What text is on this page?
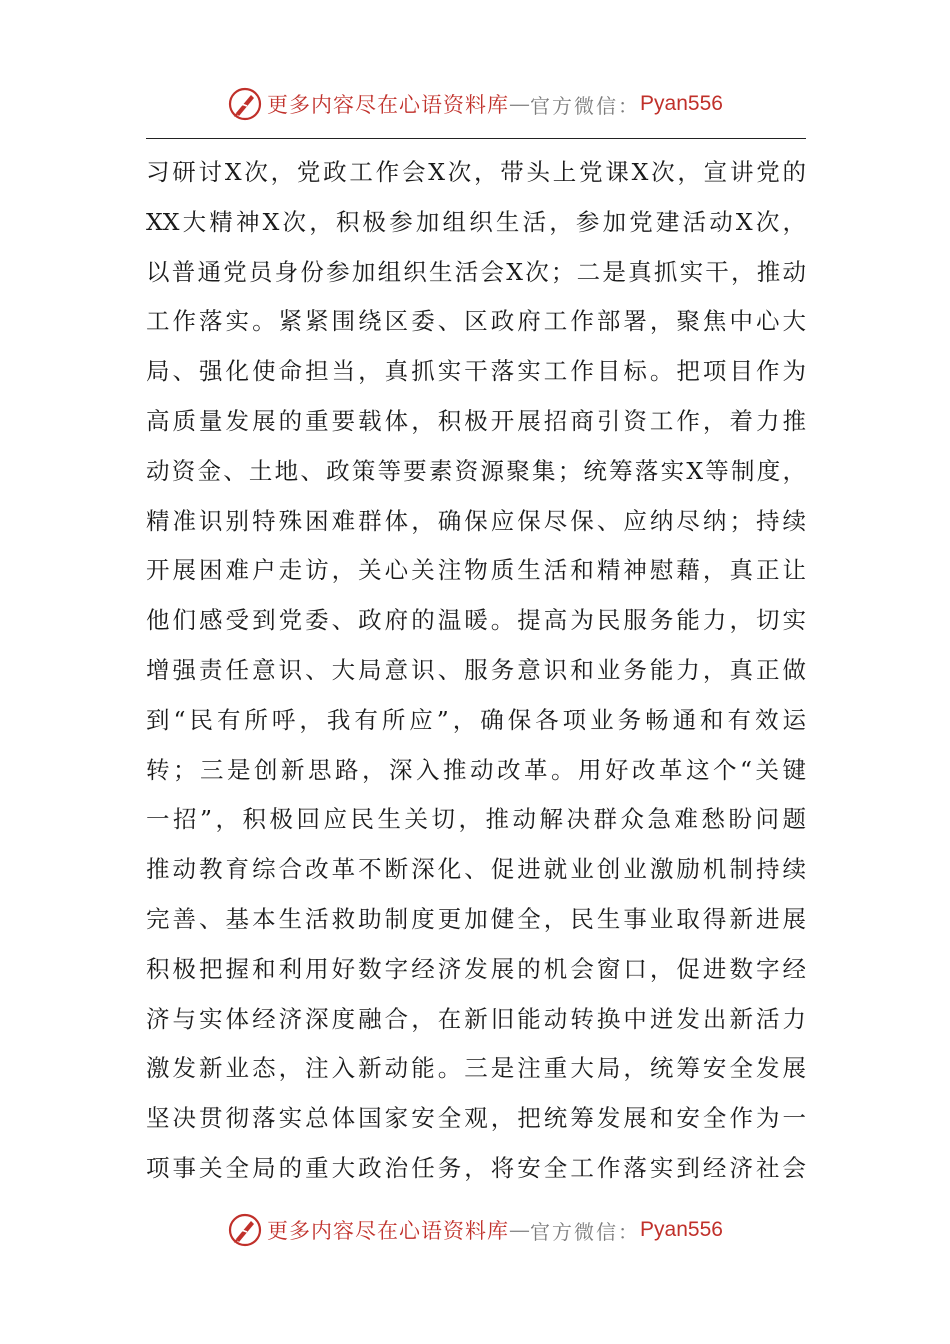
更多内容尽在心语资料库 — 官方微信： Pyan556
习研讨X次，党政工作会X次，带头上党课X次，宣讲党的
XX大精神X次，积极参加组织生活，参加党建活动X次，
以普通党员身份参加组织生活会X次；二是真抓实干，推动
工作落实。紧紧围绕区委、区政府工作部署，聚焦中心大
局、强化使命担当，真抓实干落实工作目标。把项目作为
高质量发展的重要载体，积极开展招商引资工作，着力推
动资金、土地、政策等要素资源聚集；统筹落实X等制度，
精准识别特殊困难群体，确保应保尽保、应纳尽纳；持续
开展困难户走访，关心关注物质生活和精神慰藉，真正让
他们感受到党委、政府的温暖。提高为民服务能力，切实
增强责任意识、大局意识、服务意识和业务能力，真正做
到“民有所呼，我有所应”，确保各项业务畅通和有效运
转；三是创新思路，深入推动改革。用好改革这个“关键
一招”，积极回应民生关切，推动解决群众急难愁盼问题
推动教育综合改革不断深化、促进就业创业激励机制持续
完善、基本生活救助制度更加健全，民生事业取得新进展
积极把握和利用好数字经济发展的机会窗口，促进数字经
济与实体经济深度融合，在新旧能动转换中迸发出新活力
激发新业态，注入新动能。三是注重大局，统筹安全发展
坚决贯彻落实总体国家安全观，把统筹发展和安全作为一
项事关全局的重大政治任务，将安全工作落实到经济社会
更多内容尽在心语资料库 — 官方微信： Pyan556
